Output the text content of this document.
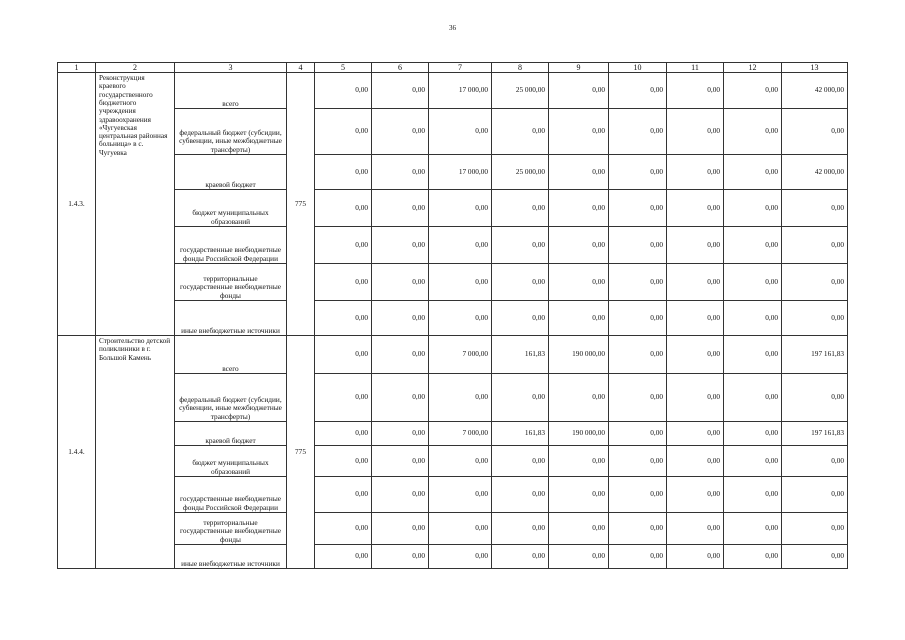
36
1	2	3	4	5	6	7	8	9	10	11	12	13
1.4.3.	Реконструкция краевого государственного бюджетного учреждения здравоохранения «Чугуевская центральная районная больница» в с. Чугуевка	всего	775	0,00	0,00	17 000,00	25 000,00	0,00	0,00	0,00	0,00	42 000,00
		федеральный бюджет (субсидии, субвенции, иные межбюджетные трансферты)		0,00	0,00	0,00	0,00	0,00	0,00	0,00	0,00	0,00
		краевой бюджет		0,00	0,00	17 000,00	25 000,00	0,00	0,00	0,00	0,00	42 000,00
		бюджет муниципальных образований		0,00	0,00	0,00	0,00	0,00	0,00	0,00	0,00	0,00
		государственные внебюджетные фонды Российской Федерации		0,00	0,00	0,00	0,00	0,00	0,00	0,00	0,00	0,00
		территориальные государственные внебюджетные фонды		0,00	0,00	0,00	0,00	0,00	0,00	0,00	0,00	0,00
		иные внебюджетные источники		0,00	0,00	0,00	0,00	0,00	0,00	0,00	0,00	0,00
1.4.4.	Строительство детской поликлиники в г. Большой Камень	всего	775	0,00	0,00	7 000,00	161,83	190 000,00	0,00	0,00	0,00	197 161,83
		федеральный бюджет (субсидии, субвенции, иные межбюджетные трансферты)		0,00	0,00	0,00	0,00	0,00	0,00	0,00	0,00	0,00
		краевой бюджет		0,00	0,00	7 000,00	161,83	190 000,00	0,00	0,00	0,00	197 161,83
		бюджет муниципальных образований		0,00	0,00	0,00	0,00	0,00	0,00	0,00	0,00	0,00
		государственные внебюджетные фонды Российской Федерации		0,00	0,00	0,00	0,00	0,00	0,00	0,00	0,00	0,00
		территориальные государственные внебюджетные фонды		0,00	0,00	0,00	0,00	0,00	0,00	0,00	0,00	0,00
		иные внебюджетные источники		0,00	0,00	0,00	0,00	0,00	0,00	0,00	0,00	0,00
